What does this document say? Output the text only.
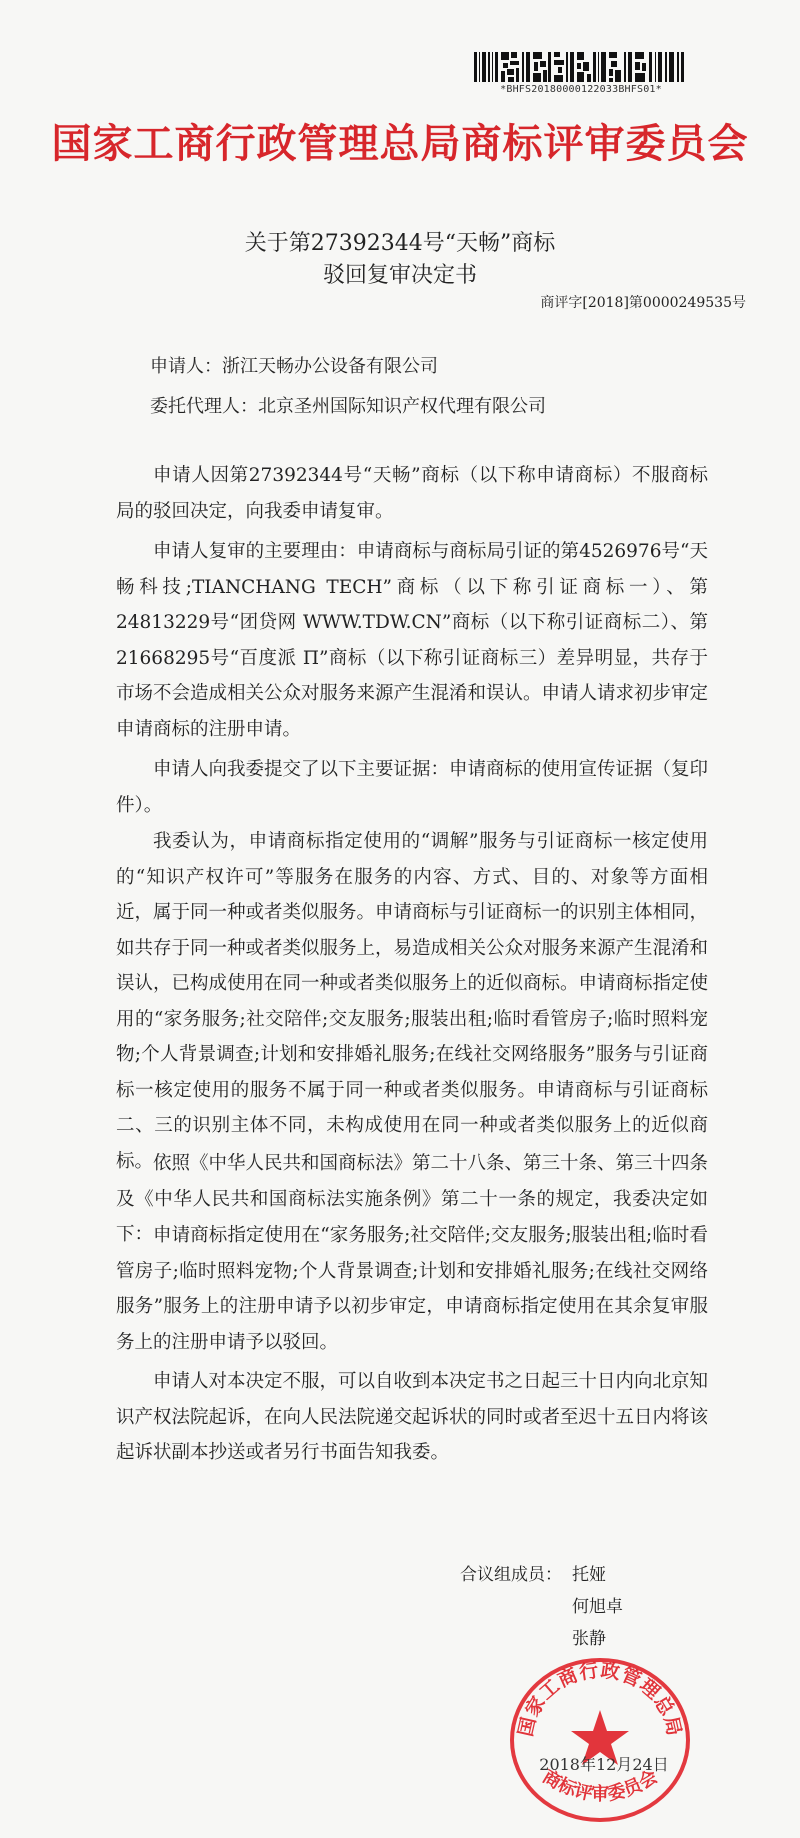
*BHFS20180000122033BHFS01*
国家工商行政管理总局商标评审委员会
关于第27392344号“天畅”商标
驳回复审决定书
商评字[2018]第0000249535号
申请人：浙江天畅办公设备有限公司
委托代理人：北京圣州国际知识产权代理有限公司

申请人因第27392344号“天畅”商标（以下称申请商标）不服商标局的驳回决定，向我委申请复审。

申请人复审的主要理由：申请商标与商标局引证的第4526976号“天畅科技;TIANCHANG TECH”商标（以下称引证商标一）、第24813229号“团贷网 WWW.TDW.CN”商标（以下称引证商标二）、第21668295号“百度派 Π”商标（以下称引证商标三）差异明显，共存于市场不会造成相关公众对服务来源产生混淆和误认。申请人请求初步审定申请商标的注册申请。

申请人向我委提交了以下主要证据：申请商标的使用宣传证据（复印件）。

我委认为，申请商标指定使用的“调解”服务与引证商标一核定使用的“知识产权许可”等服务在服务的内容、方式、目的、对象等方面相近，属于同一种或者类似服务。申请商标与引证商标一的识别主体相同，如共存于同一种或者类似服务上，易造成相关公众对服务来源产生混淆和误认，已构成使用在同一种或者类似服务上的近似商标。申请商标指定使用的“家务服务;社交陪伴;交友服务;服装出租;临时看管房子;临时照料宠物;个人背景调查;计划和安排婚礼服务;在线社交网络服务”服务与引证商标一核定使用的服务不属于同一种或者类似服务。申请商标与引证商标二、三的识别主体不同，未构成使用在同一种或者类似服务上的近似商标。 依照《中华人民共和国商标法》第二十八条、第三十条、第三十四条及《中华人民共和国商标法实施条例》第二十一条的规定，我委决定如下： 申请商标指定使用在“家务服务;社交陪伴;交友服务;服装出租;临时看管房子;临时照料宠物;个人背景调查;计划和安排婚礼服务;在线社交网络服务”服务上的注册申请予以初步审定，申请商标指定使用在其余复审服务上的注册申请予以驳回。

申请人对本决定不服，可以自收到本决定书之日起三十日内向北京知识产权法院起诉，在向人民法院递交起诉状的同时或者至迟十五日内将该起诉状副本抄送或者另行书面告知我委。

合议组成员： 托娅
何旭卓
张静
国家工商行政管理总局
商标评审委员会
2018年12月24日
